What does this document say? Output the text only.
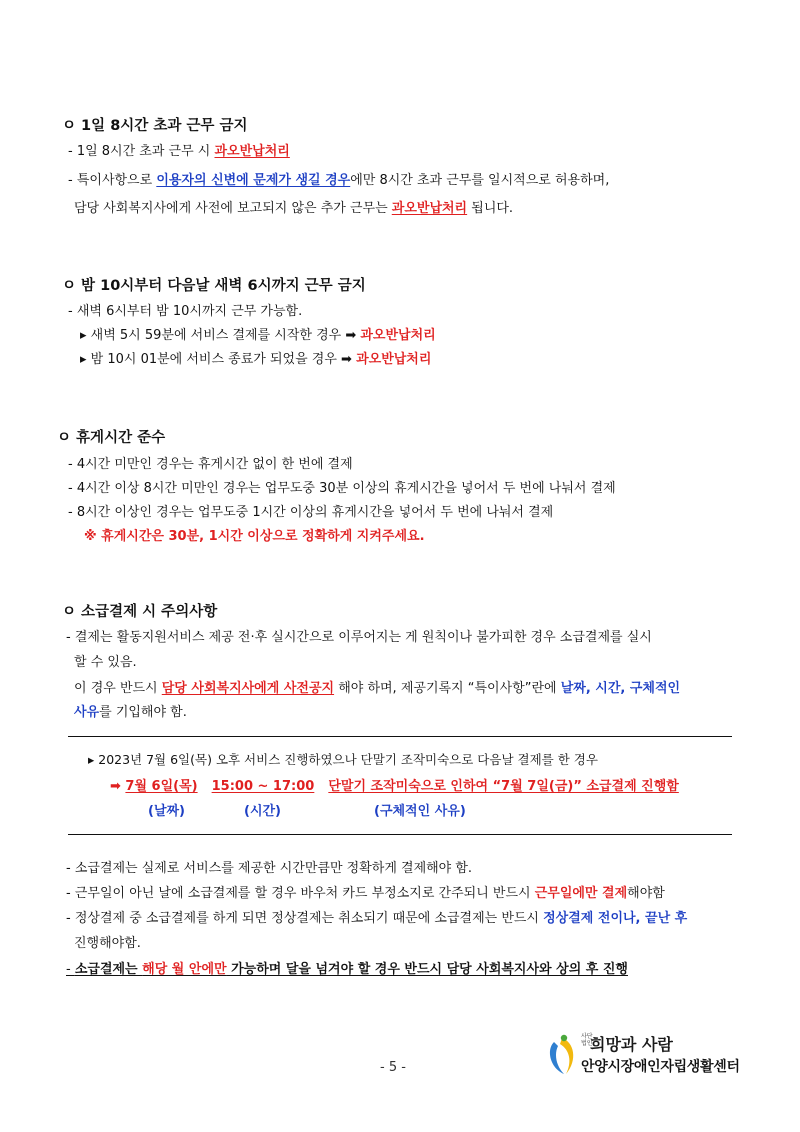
ㅇ 1일 8시간 초과 근무 금지
- 1일 8시간 초과 근무 시 과오반납처리
- 특이사항으로 이용자의 신변에 문제가 생길 경우에만 8시간 초과 근무를 일시적으로 허용하며,
담당 사회복지사에게 사전에 보고되지 않은 추가 근무는 과오반납처리 됩니다.
ㅇ 밤 10시부터 다음날 새벽 6시까지 근무 금지
- 새벽 6시부터 밤 10시까지 근무 가능함.
▸ 새벽 5시 59분에 서비스 결제를 시작한 경우 ➡ 과오반납처리
▸ 밤 10시 01분에 서비스 종료가 되었을 경우 ➡ 과오반납처리
ㅇ 휴게시간 준수
- 4시간 미만인 경우는 휴게시간 없이 한 번에 결제
- 4시간 이상 8시간 미만인 경우는 업무도중 30분 이상의 휴게시간을 넣어서 두 번에 나눠서 결제
- 8시간 이상인 경우는 업무도중 1시간 이상의 휴게시간을 넣어서 두 번에 나눠서 결제
※ 휴게시간은 30분, 1시간 이상으로 정확하게 지켜주세요.
ㅇ 소급결제 시 주의사항
- 결제는 활동지원서비스 제공 전·후 실시간으로 이루어지는 게 원칙이나 불가피한 경우 소급결제를 실시
할 수 있음.
이 경우 반드시 담당 사회복지사에게 사전공지 해야 하며, 제공기록지 “특이사항”란에 날짜, 시간, 구체적인
사유를 기입해야 함.
▸ 2023년 7월 6일(목) 오후 서비스 진행하였으나 단말기 조작미숙으로 다음날 결제를 한 경우
➡ 7월 6일(목) 15:00 ~ 17:00 단말기 조작미숙으로 인하여 “7월 7일(금)” 소급결제 진행함
(날짜)	(시간)	(구체적인 사유)
- 소급결제는 실제로 서비스를 제공한 시간만큼만 정확하게 결제해야 함.
- 근무일이 아닌 날에 소급결제를 할 경우 바우처 카드 부정소지로 간주되니 반드시 근무일에만 결제해야함
- 정상결제 중 소급결제를 하게 되면 정상결제는 취소되기 때문에 소급결제는 반드시 정상결제 전이나, 끝난 후
진행해야함.
- 소급결제는 해당 월 안에만 가능하며 달을 넘겨야 할 경우 반드시 담당 사회복지사와 상의 후 진행
- 5 -
사단
법인
희망과 사람
안양시장애인자립생활센터
